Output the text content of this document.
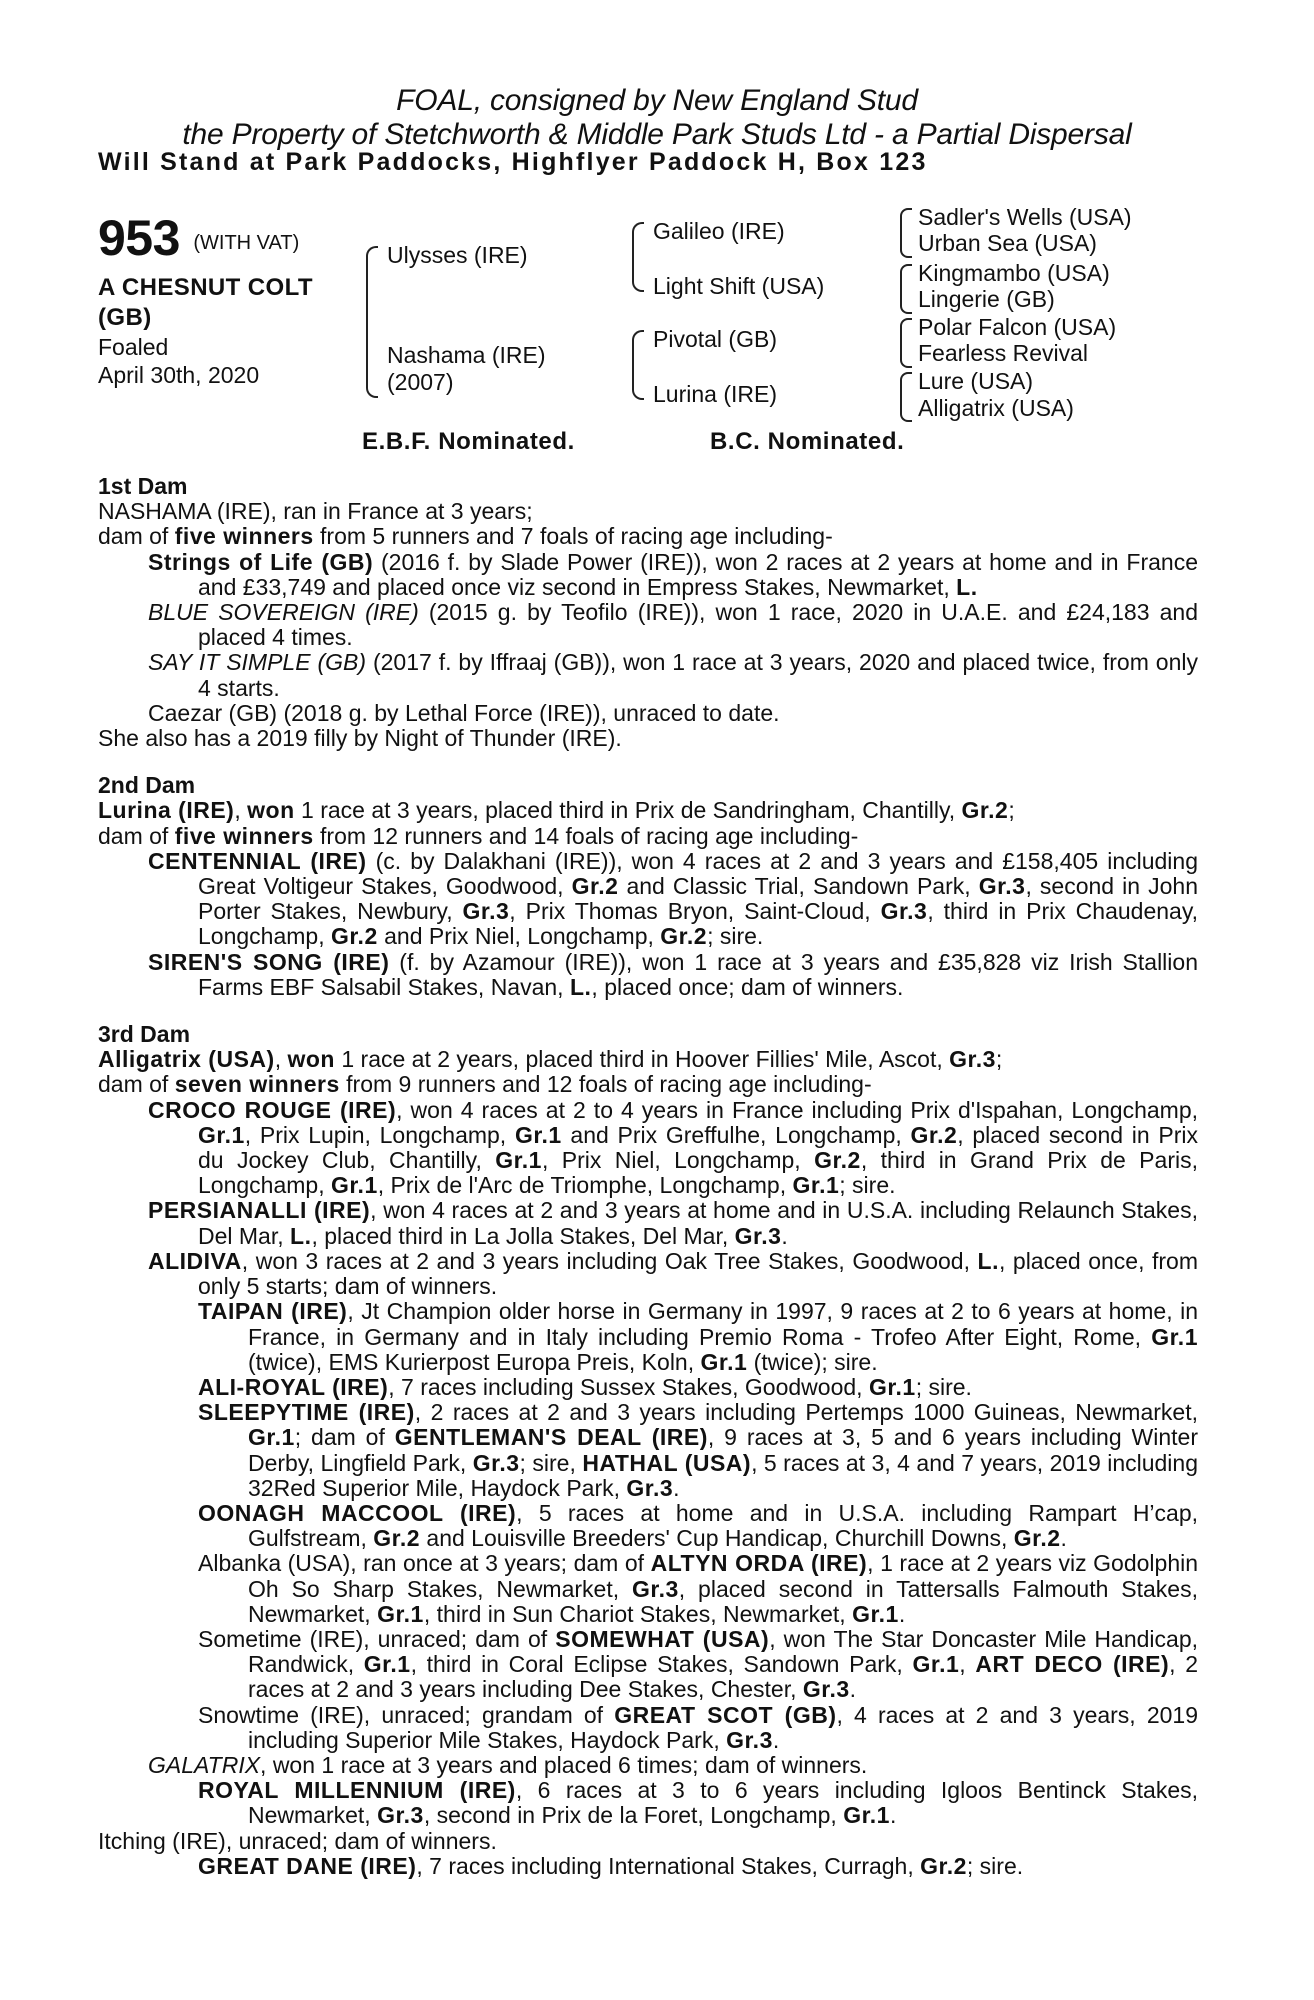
FOAL, consigned by New England Stud
the Property of Stetchworth & Middle Park Studs Ltd - a Partial Dispersal
Will Stand at Park Paddocks, Highflyer Paddock H, Box 123
953 (WITH VAT)
A CHESNUT COLT
(GB)
Foaled
April 30th, 2020
Ulysses (IRE)
Nashama (IRE)
(2007)
Galileo (IRE)
Light Shift (USA)
Pivotal (GB)
Lurina (IRE)
Sadler's Wells (USA)
Urban Sea (USA)
Kingmambo (USA)
Lingerie (GB)
Polar Falcon (USA)
Fearless Revival
Lure (USA)
Alligatrix (USA)
E.B.F. Nominated.	B.C. Nominated.
1st Dam

NASHAMA (IRE), ran in France at 3 years;

dam of five winners from 5 runners and 7 foals of racing age including-

Strings of Life (GB) (2016 f. by Slade Power (IRE)), won 2 races at 2 years at home and in France and £33,749 and placed once viz second in Empress Stakes, Newmarket, L.

BLUE SOVEREIGN (IRE) (2015 g. by Teofilo (IRE)), won 1 race, 2020 in U.A.E. and £24,183 and placed 4 times.

SAY IT SIMPLE (GB) (2017 f. by Iffraaj (GB)), won 1 race at 3 years, 2020 and placed twice, from only 4 starts.

Caezar (GB) (2018 g. by Lethal Force (IRE)), unraced to date.

She also has a 2019 filly by Night of Thunder (IRE).

2nd Dam

Lurina (IRE), won 1 race at 3 years, placed third in Prix de Sandringham, Chantilly, Gr.2;

dam of five winners from 12 runners and 14 foals of racing age including-

CENTENNIAL (IRE) (c. by Dalakhani (IRE)), won 4 races at 2 and 3 years and £158,405 including Great Voltigeur Stakes, Goodwood, Gr.2 and Classic Trial, Sandown Park, Gr.3, second in John Porter Stakes, Newbury, Gr.3, Prix Thomas Bryon, Saint-Cloud, Gr.3, third in Prix Chaudenay, Longchamp, Gr.2 and Prix Niel, Longchamp, Gr.2; sire.

SIREN'S SONG (IRE) (f. by Azamour (IRE)), won 1 race at 3 years and £35,828 viz Irish Stallion Farms EBF Salsabil Stakes, Navan, L., placed once; dam of winners.

3rd Dam

Alligatrix (USA), won 1 race at 2 years, placed third in Hoover Fillies' Mile, Ascot, Gr.3;

dam of seven winners from 9 runners and 12 foals of racing age including-

CROCO ROUGE (IRE), won 4 races at 2 to 4 years in France including Prix d'Ispahan, Longchamp, Gr.1, Prix Lupin, Longchamp, Gr.1 and Prix Greffulhe, Longchamp, Gr.2, placed second in Prix du Jockey Club, Chantilly, Gr.1, Prix Niel, Longchamp, Gr.2, third in Grand Prix de Paris, Longchamp, Gr.1, Prix de l'Arc de Triomphe, Longchamp, Gr.1; sire.

PERSIANALLI (IRE), won 4 races at 2 and 3 years at home and in U.S.A. including Relaunch Stakes, Del Mar, L., placed third in La Jolla Stakes, Del Mar, Gr.3.

ALIDIVA, won 3 races at 2 and 3 years including Oak Tree Stakes, Goodwood, L., placed once, from only 5 starts; dam of winners.

TAIPAN (IRE), Jt Champion older horse in Germany in 1997, 9 races at 2 to 6 years at home, in France, in Germany and in Italy including Premio Roma - Trofeo After Eight, Rome, Gr.1 (twice), EMS Kurierpost Europa Preis, Koln, Gr.1 (twice); sire.

ALI-ROYAL (IRE), 7 races including Sussex Stakes, Goodwood, Gr.1; sire.

SLEEPYTIME (IRE), 2 races at 2 and 3 years including Pertemps 1000 Guineas, Newmarket, Gr.1; dam of GENTLEMAN'S DEAL (IRE), 9 races at 3, 5 and 6 years including Winter Derby, Lingfield Park, Gr.3; sire, HATHAL (USA), 5 races at 3, 4 and 7 years, 2019 including 32Red Superior Mile, Haydock Park, Gr.3.

OONAGH MACCOOL (IRE), 5 races at home and in U.S.A. including Rampart H’cap, Gulfstream, Gr.2 and Louisville Breeders' Cup Handicap, Churchill Downs, Gr.2.

Albanka (USA), ran once at 3 years; dam of ALTYN ORDA (IRE), 1 race at 2 years viz Godolphin Oh So Sharp Stakes, Newmarket, Gr.3, placed second in Tattersalls Falmouth Stakes, Newmarket, Gr.1, third in Sun Chariot Stakes, Newmarket, Gr.1.

Sometime (IRE), unraced; dam of SOMEWHAT (USA), won The Star Doncaster Mile Handicap, Randwick, Gr.1, third in Coral Eclipse Stakes, Sandown Park, Gr.1, ART DECO (IRE), 2 races at 2 and 3 years including Dee Stakes, Chester, Gr.3.

Snowtime (IRE), unraced; grandam of GREAT SCOT (GB), 4 races at 2 and 3 years, 2019 including Superior Mile Stakes, Haydock Park, Gr.3.

GALATRIX, won 1 race at 3 years and placed 6 times; dam of winners.

ROYAL MILLENNIUM (IRE), 6 races at 3 to 6 years including Igloos Bentinck Stakes, Newmarket, Gr.3, second in Prix de la Foret, Longchamp, Gr.1.

Itching (IRE), unraced; dam of winners.

GREAT DANE (IRE), 7 races including International Stakes, Curragh, Gr.2; sire.
